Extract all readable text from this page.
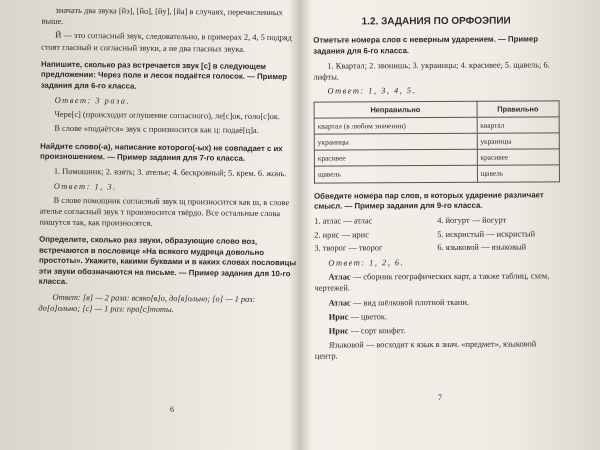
значать два звука [йэ], [йо], [йу], [йа] в случаях, перечисленных выше.

Й — это согласный звук, следовательно, в примерах 2, 4, 5 подряд стоят гласный и согласный звуки, а не два гласных звука.

Напишите, сколько раз встречается звук [с] в следующем предложении: Через поле и лесок подаётся голосок. — Пример задания для 6-го класса.

Ответ: 3 раза.

Чере[с] (происходит оглушение согласного), ле[с]ок, голо[с]ок.

В слове «подаётся» звук с произносится как ц: подаё[ц]а.

Найдите слово(-а), написание которого(-ых) не совпадает с их произношением. — Пример задания для 7-го класса.

1. Помошник; 2. взять; 3. ателье; 4. бескровный; 5. крем. 6. жонь.

Ответ: 1, 3.

В слове помощник согласный звук щ произносится как ш, в слове ателье согласный звук т произносится твёрдо. Все остальные слова пишутся так, как произносятся.

Определите, сколько раз звуки, образующие слово воз, встречаются в пословице «На всякого мудреца довольно простоты». Укажите, какими буквами и в каких словах пословицы эти звуки обозначаются на письме. — Пример задания для 10-го класса.

Ответ: [в] — 2 раза: всяко[в]о, до[в]ольно; [о] — 1 раз: до[о]ольно; [с] — 1 раз: пра[с]тоты.

6
1.2. ЗАДАНИЯ ПО ОРФОЭПИИ

Отметьте номера слов с неверным ударением. — Пример задания для 6-го класса.

1. Квартал; 2. звонишь; 3. украинцы; 4. красивее; 5. щавель; 6. лифты.

Ответ: 1, 3, 4, 5.

Неправильно	Правильно
квартал (в любом значении)	квартал
украинцы	украинцы
красивее	красивее
щавель	щавель

Обведите номера пар слов, в которых ударение различает смысл. — Пример задания для 9-го класса.

1. атлас — атлас	4. йогурт — йогурт
2. ирис — ирис	5. искристый — искристый
3. творог — творог	6. языковой — языковый

Ответ: 1, 2, 6.

Атлас — сборник географических карт, а также таблиц, схем, чертежей.

Атлас — вид шёлковой плотной ткани.

Ирис — цветок.

Ирис — сорт конфет.

Языковой — восходит к язык в знач. «предмет», языковой центр.

7
